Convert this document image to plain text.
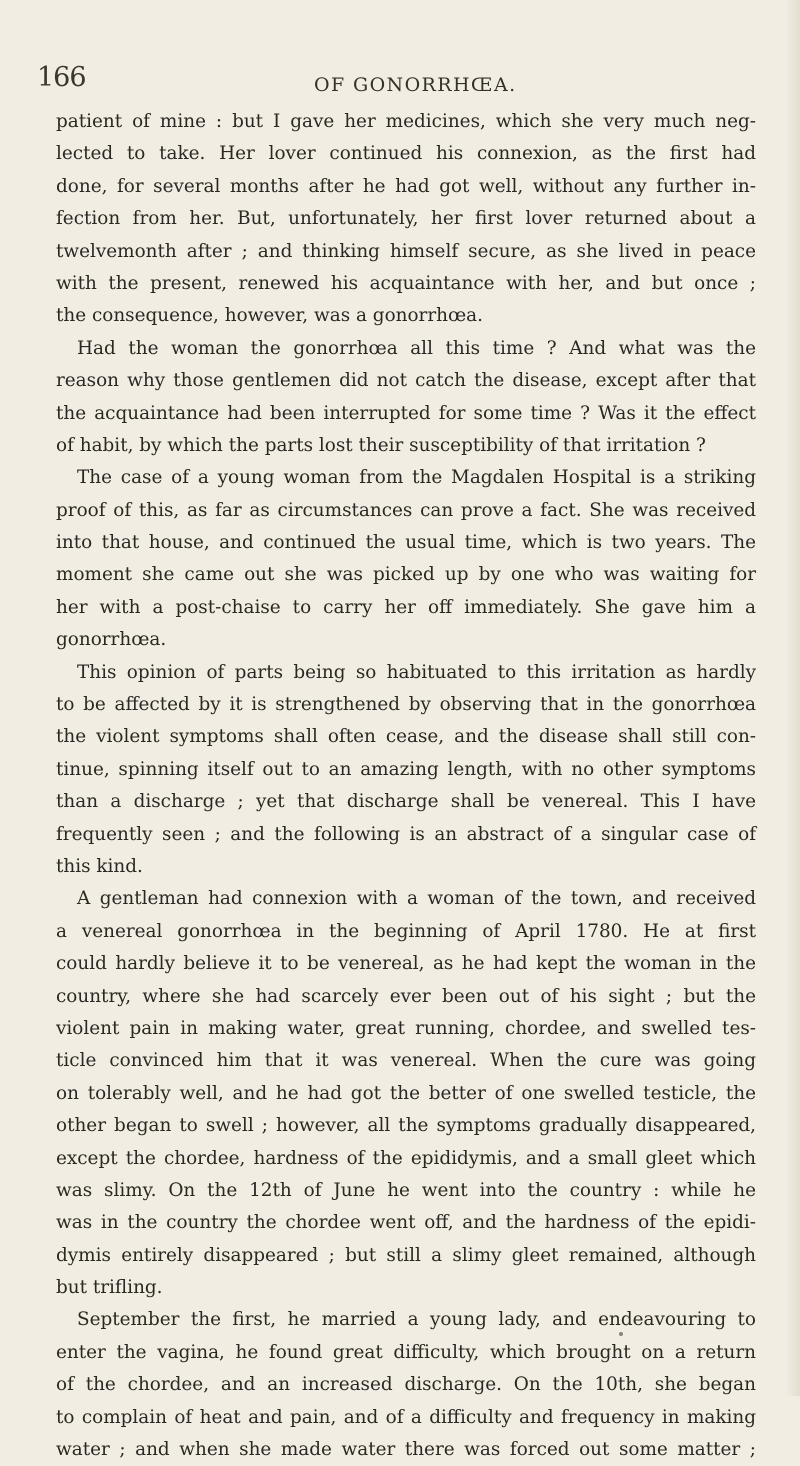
166	OF GONORRHŒA.
patient of mine : but I gave her medicines, which she very much neg-
lected to take. Her lover continued his connexion, as the first had
done, for several months after he had got well, without any further in-
fection from her. But, unfortunately, her first lover returned about a
twelvemonth after ; and thinking himself secure, as she lived in peace
with the present, renewed his acquaintance with her, and but once ;
the consequence, however, was a gonorrhœa.
Had the woman the gonorrhœa all this time ? And what was the
reason why those gentlemen did not catch the disease, except after that
the acquaintance had been interrupted for some time ? Was it the effect
of habit, by which the parts lost their susceptibility of that irritation ?
The case of a young woman from the Magdalen Hospital is a striking
proof of this, as far as circumstances can prove a fact. She was received
into that house, and continued the usual time, which is two years. The
moment she came out she was picked up by one who was waiting for
her with a post-chaise to carry her off immediately. She gave him a
gonorrhœa.
This opinion of parts being so habituated to this irritation as hardly
to be affected by it is strengthened by observing that in the gonorrhœa
the violent symptoms shall often cease, and the disease shall still con-
tinue, spinning itself out to an amazing length, with no other symptoms
than a discharge ; yet that discharge shall be venereal. This I have
frequently seen ; and the following is an abstract of a singular case of
this kind.
A gentleman had connexion with a woman of the town, and received
a venereal gonorrhœa in the beginning of April 1780. He at first
could hardly believe it to be venereal, as he had kept the woman in the
country, where she had scarcely ever been out of his sight ; but the
violent pain in making water, great running, chordee, and swelled tes-
ticle convinced him that it was venereal. When the cure was going
on tolerably well, and he had got the better of one swelled testicle, the
other began to swell ; however, all the symptoms gradually disappeared,
except the chordee, hardness of the epididymis, and a small gleet which
was slimy. On the 12th of June he went into the country : while he
was in the country the chordee went off, and the hardness of the epidi-
dymis entirely disappeared ; but still a slimy gleet remained, although
but trifling.
September the first, he married a young lady, and endeavouring to
enter the vagina, he found great difficulty, which brought on a return
of the chordee, and an increased discharge. On the 10th, she began
to complain of heat and pain, and of a difficulty and frequency in making
water ; and when she made water there was forced out some matter ;
